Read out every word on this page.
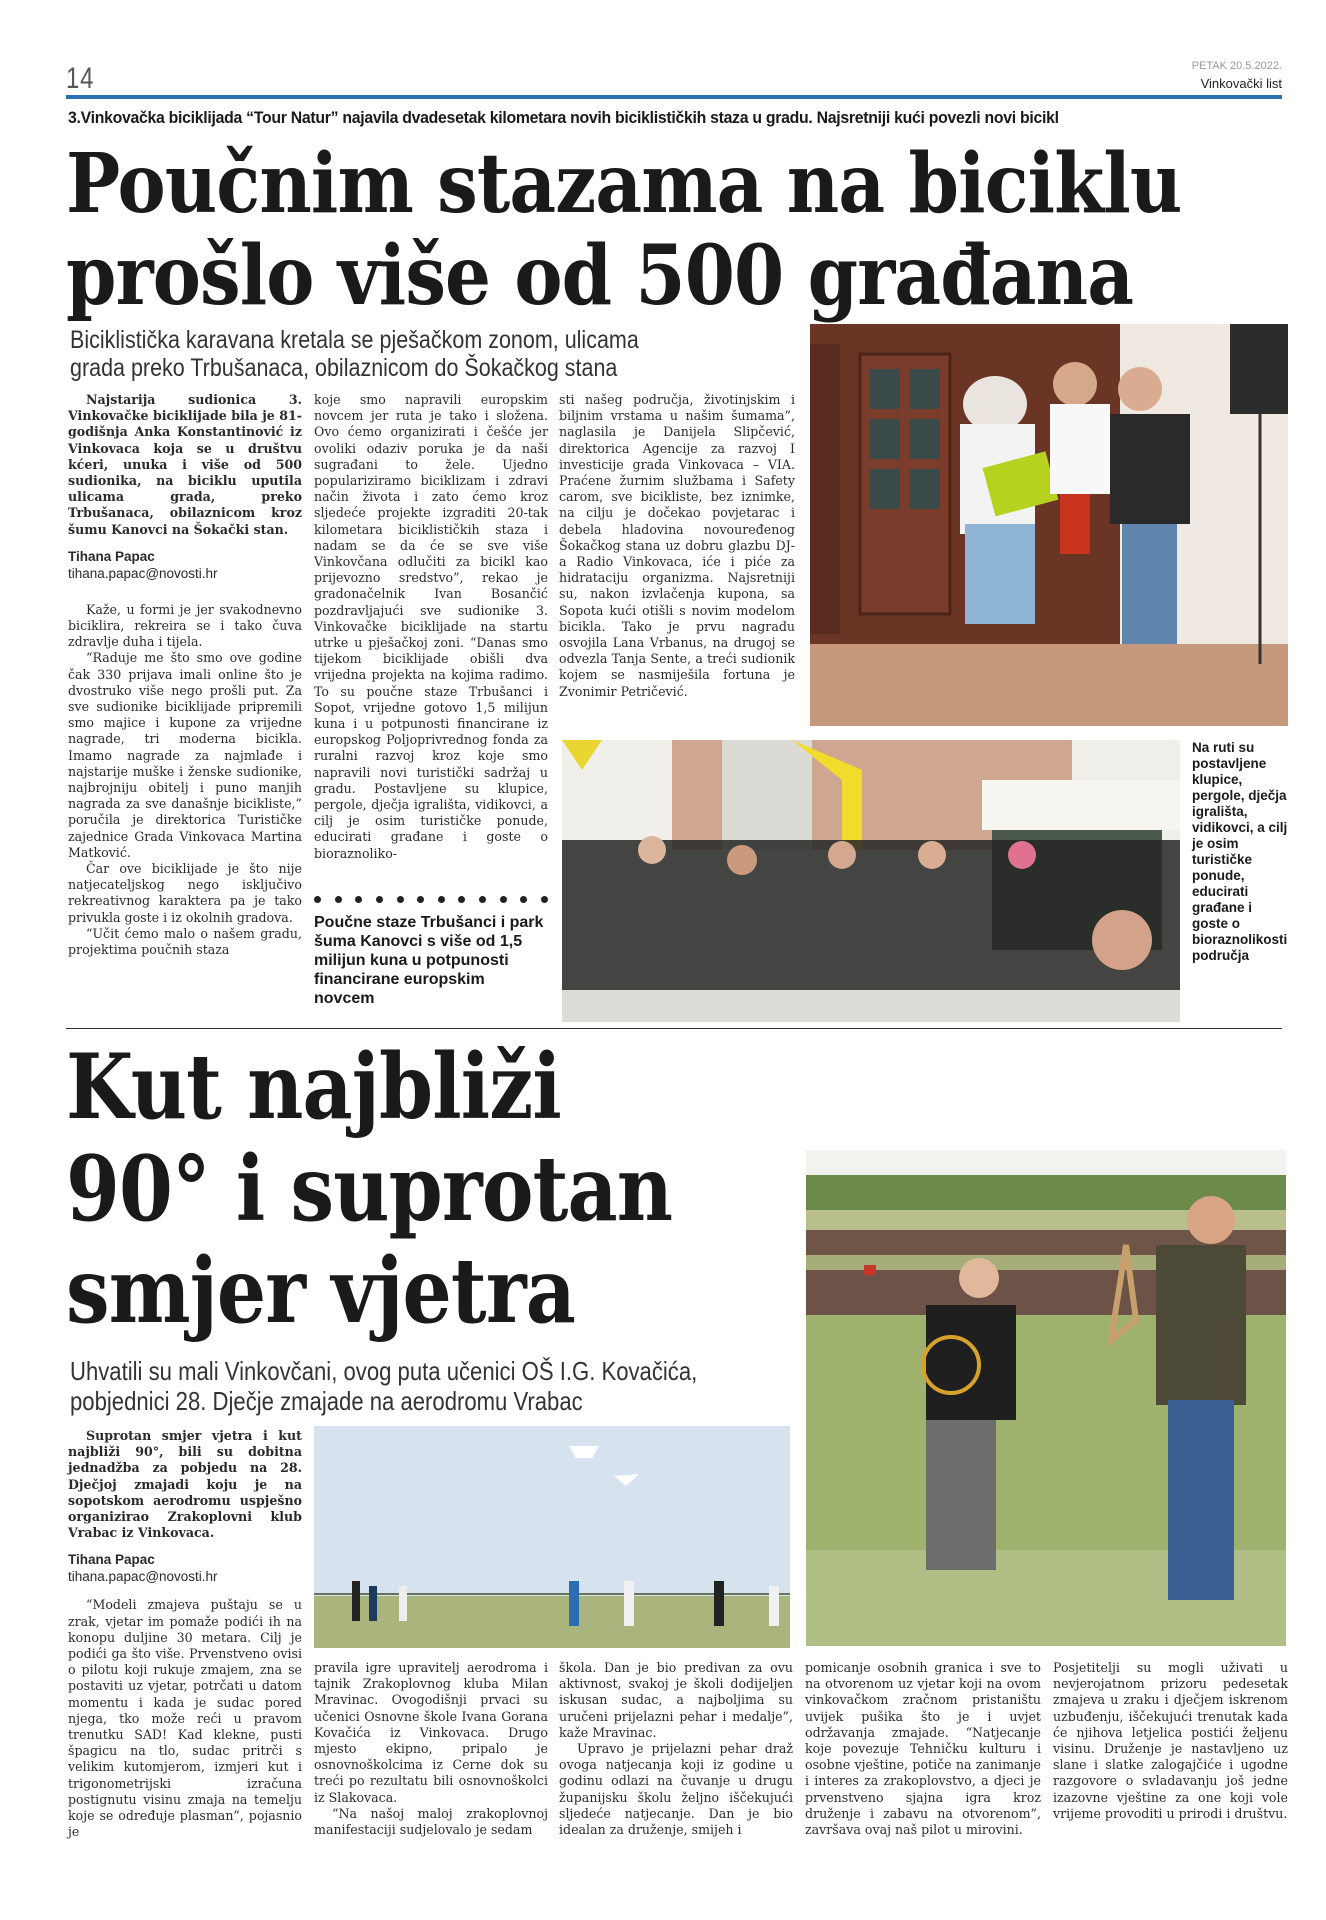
14	PETAK 20.5.2022.
Vinkovački list
3.Vinkovačka biciklijada “Tour Natur” najavila dvadesetak kilometara novih biciklističkih staza u gradu. Najsretniji kući povezli novi bicikl
Poučnim stazama na biciklu
prošlo više od 500 građana
Biciklistička karavana kretala se pješačkom zonom, ulicama
grada preko Trbušanaca, obilaznicom do Šokačkog stana

Najstarija sudionica 3. Vinkovačke biciklijade bila je 81-godišnja Anka Konstantinović iz Vinkovaca koja se u društvu kćeri, unuka i više od 500 sudionika, na biciklu uputila ulicama grada, preko Trbušanaca, obilaznicom kroz šumu Kanovci na Šokački stan.

Tihana Papac
tihana.papac@novosti.hr

Kaže, u formi je jer svakodnevno biciklira, rekreira se i tako čuva zdravlje duha i tijela.

“Raduje me što smo ove godine čak 330 prijava imali online što je dvostruko više nego prošli put. Za sve sudionike biciklijade pripremili smo majice i kupone za vrijedne nagrade, tri moderna bicikla. Imamo nagrade za najmlađe i najstarije muške i ženske sudionike, najbrojniju obitelj i puno manjih nagrada za sve današnje bicikliste,” poručila je direktorica Turističke zajednice Grada Vinkovaca Martina Matković.

Čar ove biciklijade je što nije natjecateljskog nego isključivo rekreativnog karaktera pa je tako privukla goste i iz okolnih gradova.

“Učit ćemo malo o našem gradu, projektima poučnih staza

koje smo napravili europskim novcem jer ruta je tako i složena. Ovo ćemo organizirati i češće jer ovoliki odaziv poruka je da naši sugrađani to žele. Ujedno populariziramo biciklizam i zdravi način života i zato ćemo kroz sljedeće projekte izgraditi 20-tak kilometara biciklističkih staza i nadam se da će se sve više Vinkovčana odlučiti za bicikl kao prijevozno sredstvo”, rekao je gradonačelnik Ivan Bosančić pozdravljajući sve sudionike 3. Vinkovačke biciklijade na startu utrke u pješačkoj zoni. “Danas smo tijekom biciklijade obišli dva vrijedna projekta na kojima radimo. To su poučne staze Trbušanci i Sopot, vrijedne gotovo 1,5 milijun kuna i u potpunosti financirane iz europskog Poljoprivrednog fonda za ruralni razvoj kroz koje smo napravili novi turistički sadržaj u gradu. Postavljene su klupice, pergole, dječja igrališta, vidikovci, a cilj je osim turističke ponude, educirati građane i goste o bioraznoliko-

Poučne staze Trbušanci i park šuma Kanovci s više od 1,5 milijun kuna u potpunosti financirane europskim novcem

sti našeg područja, životinjskim i biljnim vrstama u našim šumama”, naglasila je Danijela Slipčević, direktorica Agencije za razvoj I investicije grada Vinkovaca – VIA. Praćene žurnim službama i Safety carom, sve bicikliste, bez iznimke, na cilju je dočekao povjetarac i debela hladovina novouređenog Šokačkog stana uz dobru glazbu DJ-a Radio Vinkovaca, iće i piće za hidrataciju organizma. Najsretniji su, nakon izvlačenja kupona, sa Sopota kući otišli s novim modelom bicikla. Tako je prvu nagradu osvojila Lana Vrbanus, na drugoj se odvezla Tanja Sente, a treći sudionik kojem se nasmiješila fortuna je Zvonimir Petričević.

Na ruti su postavljene klupice, pergole, dječja igrališta, vidikovci, a cilj je osim turističke ponude, educirati građane i goste o bioraznolikosti područja
Kut najbliži
90° i suprotan
smjer vjetra
Uhvatili su mali Vinkovčani, ovog puta učenici OŠ I.G. Kovačića,
pobjednici 28. Dječje zmajade na aerodromu Vrabac

Suprotan smjer vjetra i kut najbliži 90°, bili su dobitna jednadžba za pobjedu na 28. Dječjoj zmajadi koju je na sopotskom aerodromu uspješno organizirao Zrakoplovni klub Vrabac iz Vinkovaca.

Tihana Papac
tihana.papac@novosti.hr

“Modeli zmajeva puštaju se u zrak, vjetar im pomaže podići ih na konopu duljine 30 metara. Cilj je podići ga što više. Prvenstveno ovisi o pilotu koji rukuje zmajem, zna se postaviti uz vjetar, potrčati u datom momentu i kada je sudac pored njega, tko može reći u pravom trenutku SAD! Kad klekne, pusti špagicu na tlo, sudac pritrči s velikim kutomjerom, izmjeri kut i trigonometrijski izračuna postignutu visinu zmaja na temelju koje se određuje plasman”, pojasnio je

pravila igre upravitelj aerodroma i tajnik Zrakoplovnog kluba Milan Mravinac. Ovogodišnji prvaci su učenici Osnovne škole Ivana Gorana Kovačića iz Vinkovaca. Drugo mjesto ekipno, pripalo je osnovnoškolcima iz Cerne dok su treći po rezultatu bili osnovnoškolci iz Slakovaca.

“Na našoj maloj zrakoplovnoj manifestaciji sudjelovalo je sedam

škola. Dan je bio predivan za ovu aktivnost, svakoj je školi dodijeljen iskusan sudac, a najboljima su uručeni prijelazni pehar i medalje”, kaže Mravinac.

Upravo je prijelazni pehar draž ovoga natjecanja koji iz godine u godinu odlazi na čuvanje u drugu županijsku školu željno iščekujući sljedeće natjecanje. Dan je bio idealan za druženje, smijeh i

pomicanje osobnih granica i sve to na otvorenom uz vjetar koji na ovom vinkovačkom zračnom pristaništu uvijek pušika što je i uvjet održavanja zmajade. “Natjecanje koje povezuje Tehničku kulturu i osobne vještine, potiče na zanimanje i interes za zrakoplovstvo, a djeci je prvenstveno sjajna igra kroz druženje i zabavu na otvorenom”, završava ovaj naš pilot u mirovini.

Posjetitelji su mogli uživati u nevjerojatnom prizoru pedesetak zmajeva u zraku i dječjem iskrenom uzbuđenju, iščekujući trenutak kada će njihova letjelica postići željenu visinu. Druženje je nastavljeno uz slane i slatke zalogajčiće i ugodne razgovore o svladavanju još jedne izazovne vještine za one koji vole vrijeme provoditi u prirodi i društvu.
